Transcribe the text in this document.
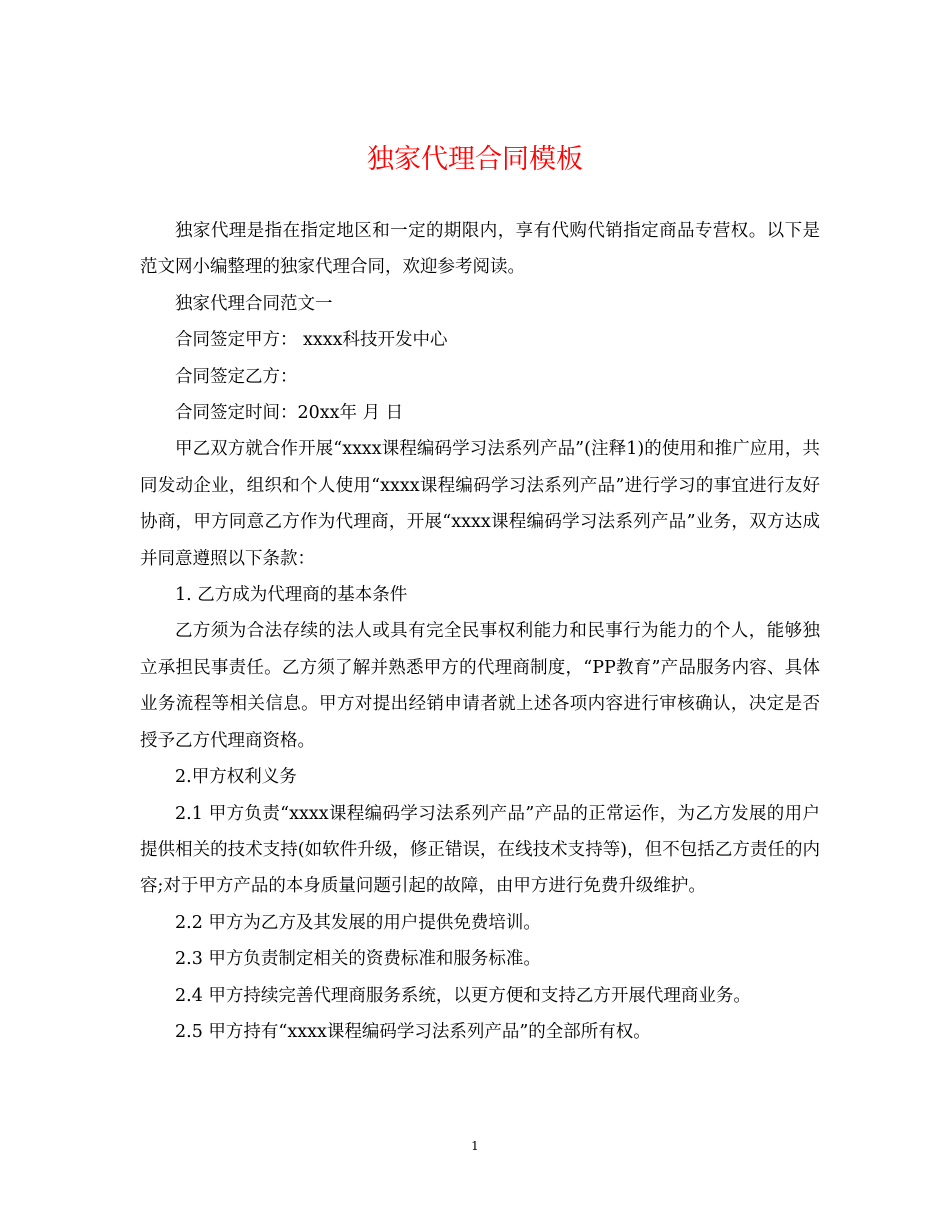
独家代理合同模板

独家代理是指在指定地区和一定的期限内，享有代购代销指定商品专营权。以下是范文网小编整理的独家代理合同，欢迎参考阅读。

独家代理合同范文一

合同签定甲方： xxxx科技开发中心

合同签定乙方：

合同签定时间：20xx年 月 日

甲乙双方就合作开展“xxxx课程编码学习法系列产品”(注释1)的使用和推广应用，共同发动企业，组织和个人使用“xxxx课程编码学习法系列产品”进行学习的事宜进行友好协商，甲方同意乙方作为代理商，开展“xxxx课程编码学习法系列产品”业务，双方达成并同意遵照以下条款：

1. 乙方成为代理商的基本条件

乙方须为合法存续的法人或具有完全民事权利能力和民事行为能力的个人，能够独立承担民事责任。乙方须了解并熟悉甲方的代理商制度，“PP教育”产品服务内容、具体业务流程等相关信息。甲方对提出经销申请者就上述各项内容进行审核确认，决定是否授予乙方代理商资格。

2.甲方权利义务

2.1 甲方负责“xxxx课程编码学习法系列产品”产品的正常运作，为乙方发展的用户提供相关的技术支持(如软件升级，修正错误，在线技术支持等)，但不包括乙方责任的内容;对于甲方产品的本身质量问题引起的故障，由甲方进行免费升级维护。

2.2 甲方为乙方及其发展的用户提供免费培训。

2.3 甲方负责制定相关的资费标准和服务标准。

2.4 甲方持续完善代理商服务系统，以更方便和支持乙方开展代理商业务。

2.5 甲方持有“xxxx课程编码学习法系列产品”的全部所有权。

1
